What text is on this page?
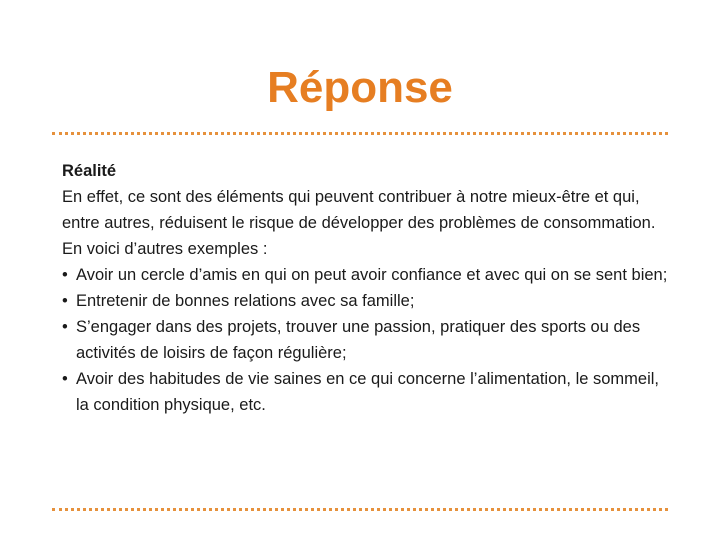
Réponse

Réalité

En effet, ce sont des éléments qui peuvent contribuer à notre mieux-être et qui, entre autres, réduisent le risque de développer des problèmes de consommation.

En voici d’autres exemples :

• Avoir un cercle d’amis en qui on peut avoir confiance et avec qui on se sent bien;
• Entretenir de bonnes relations avec sa famille;
• S’engager dans des projets, trouver une passion, pratiquer des sports ou des activités de loisirs de façon régulière;
• Avoir des habitudes de vie saines en ce qui concerne l’alimentation, le sommeil, la condition physique, etc.
